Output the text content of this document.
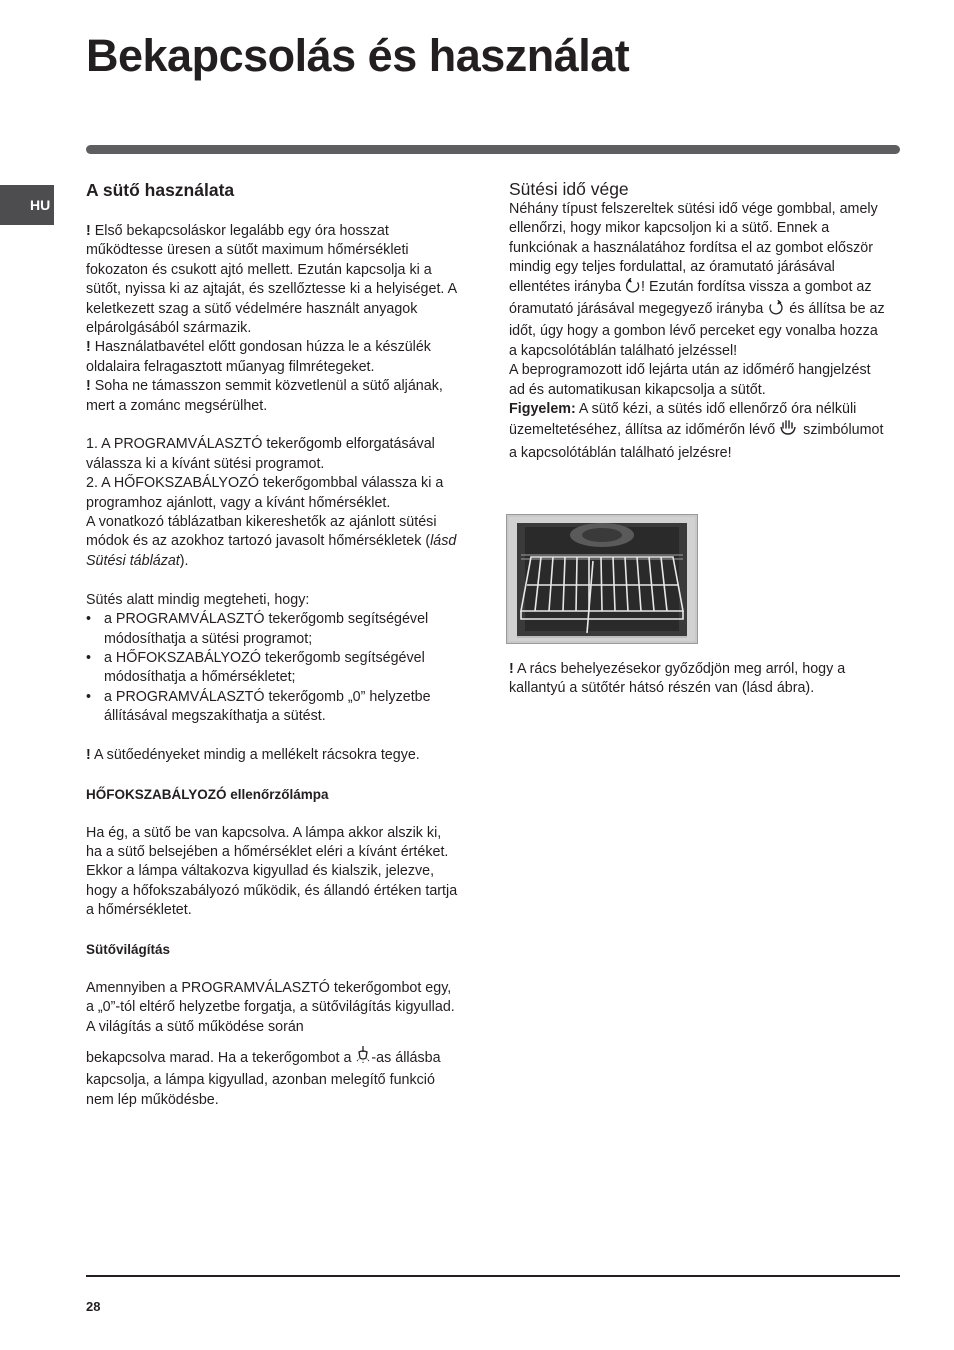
Bekapcsolás és használat
HU
A sütő használata

! Első bekapcsoláskor legalább egy óra hosszat működtesse üresen a sütőt maximum hőmérsékleti fokozaton és csukott ajtó mellett. Ezután kapcsolja ki a sütőt, nyissa ki az ajtaját, és szellőztesse ki a helyiséget. A keletkezett szag a sütő védelmére használt anyagok elpárolgásából származik.

! Használatbavétel előtt gondosan húzza le a készülék oldalaira felragasztott műanyag filmrétegeket.

! Soha ne támasszon semmit közvetlenül a sütő aljának, mert a zománc megsérülhet.

1. A PROGRAMVÁLASZTÓ tekerőgomb elforgatásával válassza ki a kívánt sütési programot.

2. A HŐFOKSZABÁLYOZÓ tekerőgombbal válassza ki a programhoz ajánlott, vagy a kívánt hőmérséklet.

A vonatkozó táblázatban kikereshetők az ajánlott sütési módok és az azokhoz tartozó javasolt hőmérsékletek (lásd Sütési táblázat).

Sütés alatt mindig megteheti, hogy:

• a PROGRAMVÁLASZTÓ tekerőgomb segítségével módosíthatja a sütési programot;
• a HŐFOKSZABÁLYOZÓ tekerőgomb segítségével módosíthatja a hőmérsékletet;
• a PROGRAMVÁLASZTÓ tekerőgomb „0” helyzetbe állításával megszakíthatja a sütést.

! A sütőedényeket mindig a mellékelt rácsokra tegye.

HŐFOKSZABÁLYOZÓ ellenőrzőlámpa

Ha ég, a sütő be van kapcsolva. A lámpa akkor alszik ki, ha a sütő belsejében a hőmérséklet eléri a kívánt értéket. Ekkor a lámpa váltakozva kigyullad és kialszik, jelezve, hogy a hőfokszabályozó működik, és állandó értéken tartja a hőmérsékletet.

Sütővilágítás

Amennyiben a PROGRAMVÁLASZTÓ tekerőgombot egy, a „0”-tól eltérő helyzetbe forgatja, a sütővilágítás kigyullad. A világítás a sütő működése során

bekapcsolva marad. Ha a tekerőgombot a -as állásba kapcsolja, a lámpa kigyullad, azonban melegítő funkció nem lép működésbe.

Sütési idő vége

Néhány típust felszereltek sütési idő vége gombbal, amely ellenőrzi, hogy mikor kapcsoljon ki a sütő. Ennek a funkciónak a használatához fordítsa el az gombot először mindig egy teljes fordulattal, az óramutató járásával ellentétes irányba ! Ezután fordítsa vissza a gombot az óramutató járásával megegyező irányba  és állítsa be az időt, úgy hogy a gombon lévő perceket egy vonalba hozza a kapcsolótáblán található jelzéssel!

A beprogramozott idő lejárta után az időmérő hangjelzést ad és automatikusan kikapcsolja a sütőt.

Figyelem: A sütő kézi, a sütés idő ellenőrző óra nélküli üzemeltetéséhez, állítsa az időmérőn lévő  szimbólumot a kapcsolótáblán található jelzésre!

! A rács behelyezésekor győződjön meg arról, hogy a kallantyú a sütőtér hátsó részén van (lásd ábra).

28
